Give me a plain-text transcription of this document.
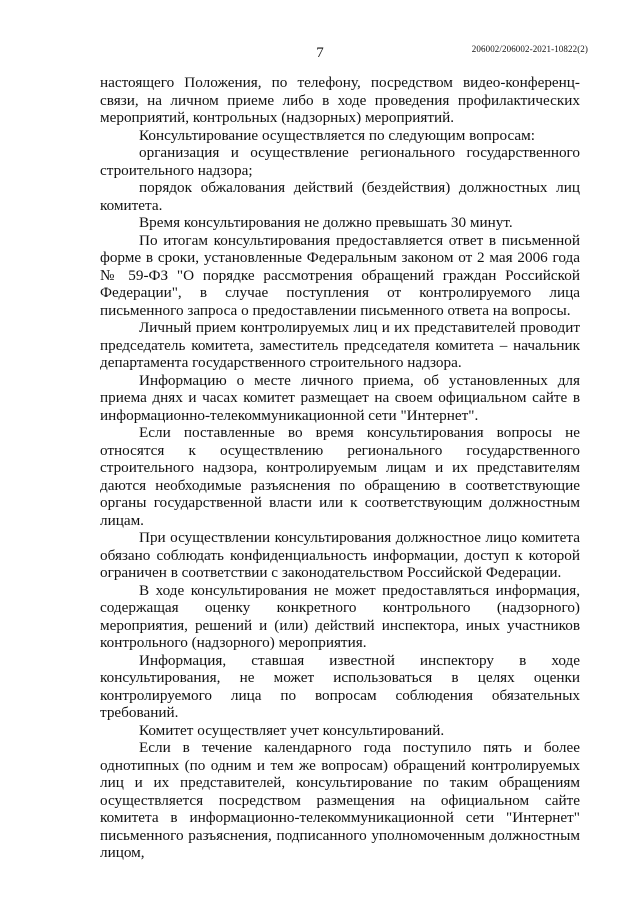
7	206002/206002-2021-10822(2)

настоящего Положения, по телефону, посредством видео-конференц-связи, на личном приеме либо в ходе проведения профилактических мероприятий, контрольных (надзорных) мероприятий.

Консультирование осуществляется по следующим вопросам:

организация и осуществление регионального государственного строительного надзора;

порядок обжалования действий (бездействия) должностных лиц комитета.

Время консультирования не должно превышать 30 минут.

По итогам консультирования предоставляется ответ в письменной форме в сроки, установленные Федеральным законом от 2 мая 2006 года № 59-ФЗ "О порядке рассмотрения обращений граждан Российской Федерации", в случае поступления от контролируемого лица письменного запроса о предоставлении письменного ответа на вопросы.

Личный прием контролируемых лиц и их представителей проводит председатель комитета, заместитель председателя комитета – начальник департамента государственного строительного надзора.

Информацию о месте личного приема, об установленных для приема днях и часах комитет размещает на своем официальном сайте в информационно-телекоммуникационной сети "Интернет".

Если поставленные во время консультирования вопросы не относятся к осуществлению регионального государственного строительного надзора, контролируемым лицам и их представителям даются необходимые разъяснения по обращению в соответствующие органы государственной власти или к соответствующим должностным лицам.

При осуществлении консультирования должностное лицо комитета обязано соблюдать конфиденциальность информации, доступ к которой ограничен в соответствии с законодательством Российской Федерации.

В ходе консультирования не может предоставляться информация, содержащая оценку конкретного контрольного (надзорного) мероприятия, решений и (или) действий инспектора, иных участников контрольного (надзорного) мероприятия.

Информация, ставшая известной инспектору в ходе консультирования, не может использоваться в целях оценки контролируемого лица по вопросам соблюдения обязательных требований.

Комитет осуществляет учет консультирований.

Если в течение календарного года поступило пять и более однотипных (по одним и тем же вопросам) обращений контролируемых лиц и их представителей, консультирование по таким обращениям осуществляется посредством размещения на официальном сайте комитета в информационно-телекоммуникационной сети "Интернет" письменного разъяснения, подписанного уполномоченным должностным лицом,
